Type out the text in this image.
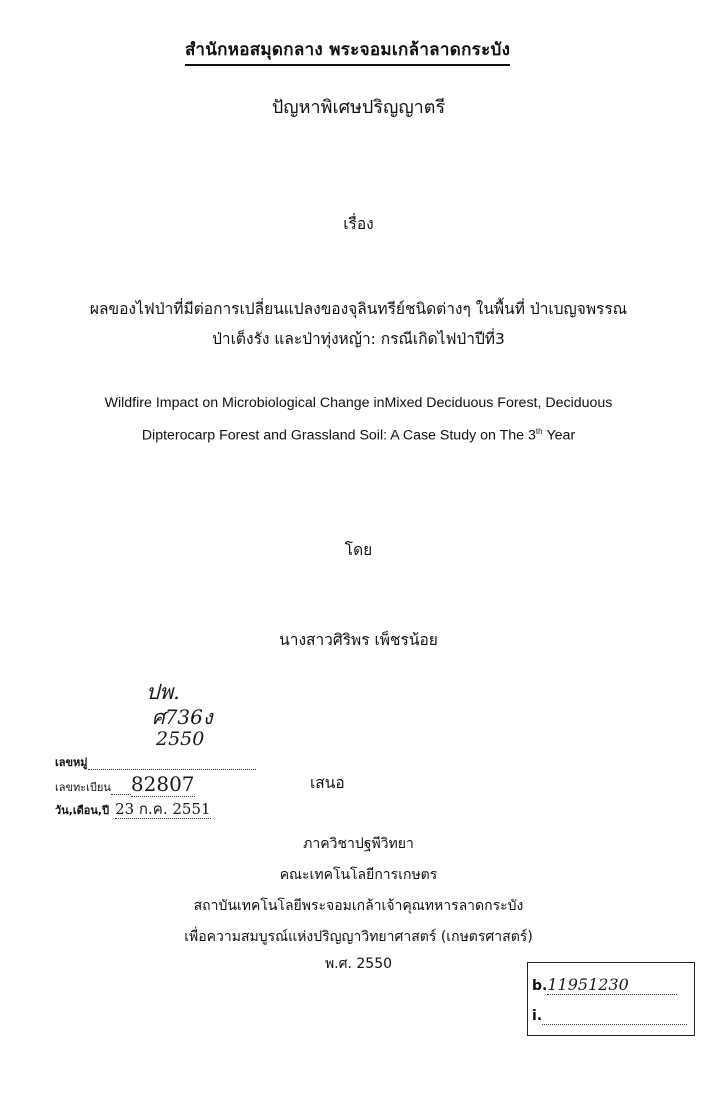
สำนักหอสมุดกลาง พระจอมเกล้าลาดกระบัง
ปัญหาพิเศษปริญญาตรี
เรื่อง
ผลของไฟป่าที่มีต่อการเปลี่ยนแปลงของจุลินทรีย์ชนิดต่างๆ ในพื้นที่ ป่าเบญจพรรณ
ป่าเต็งรัง และป่าทุ่งหญ้า: กรณีเกิดไฟป่าปีที่3
Wildfire Impact on Microbiological Change inMixed Deciduous Forest, Deciduous
Dipterocarp Forest and Grassland Soil: A Case Study on The 3th Year
โดย
นางสาวศิริพร เพ็ชรน้อย
ปพ.
ศ736ง
2550
เลขหมู่
เลขทะเบียน 82807
วัน,เดือน,ปี 23 ก.ค. 2551
เสนอ
ภาควิชาปฐพีวิทยา
คณะเทคโนโลยีการเกษตร
สถาบันเทคโนโลยีพระจอมเกล้าเจ้าคุณทหารลาดกระบัง
เพื่อความสมบูรณ์แห่งปริญญาวิทยาศาสตร์ (เกษตรศาสตร์)
พ.ศ. 2550
b.11951230
i.
